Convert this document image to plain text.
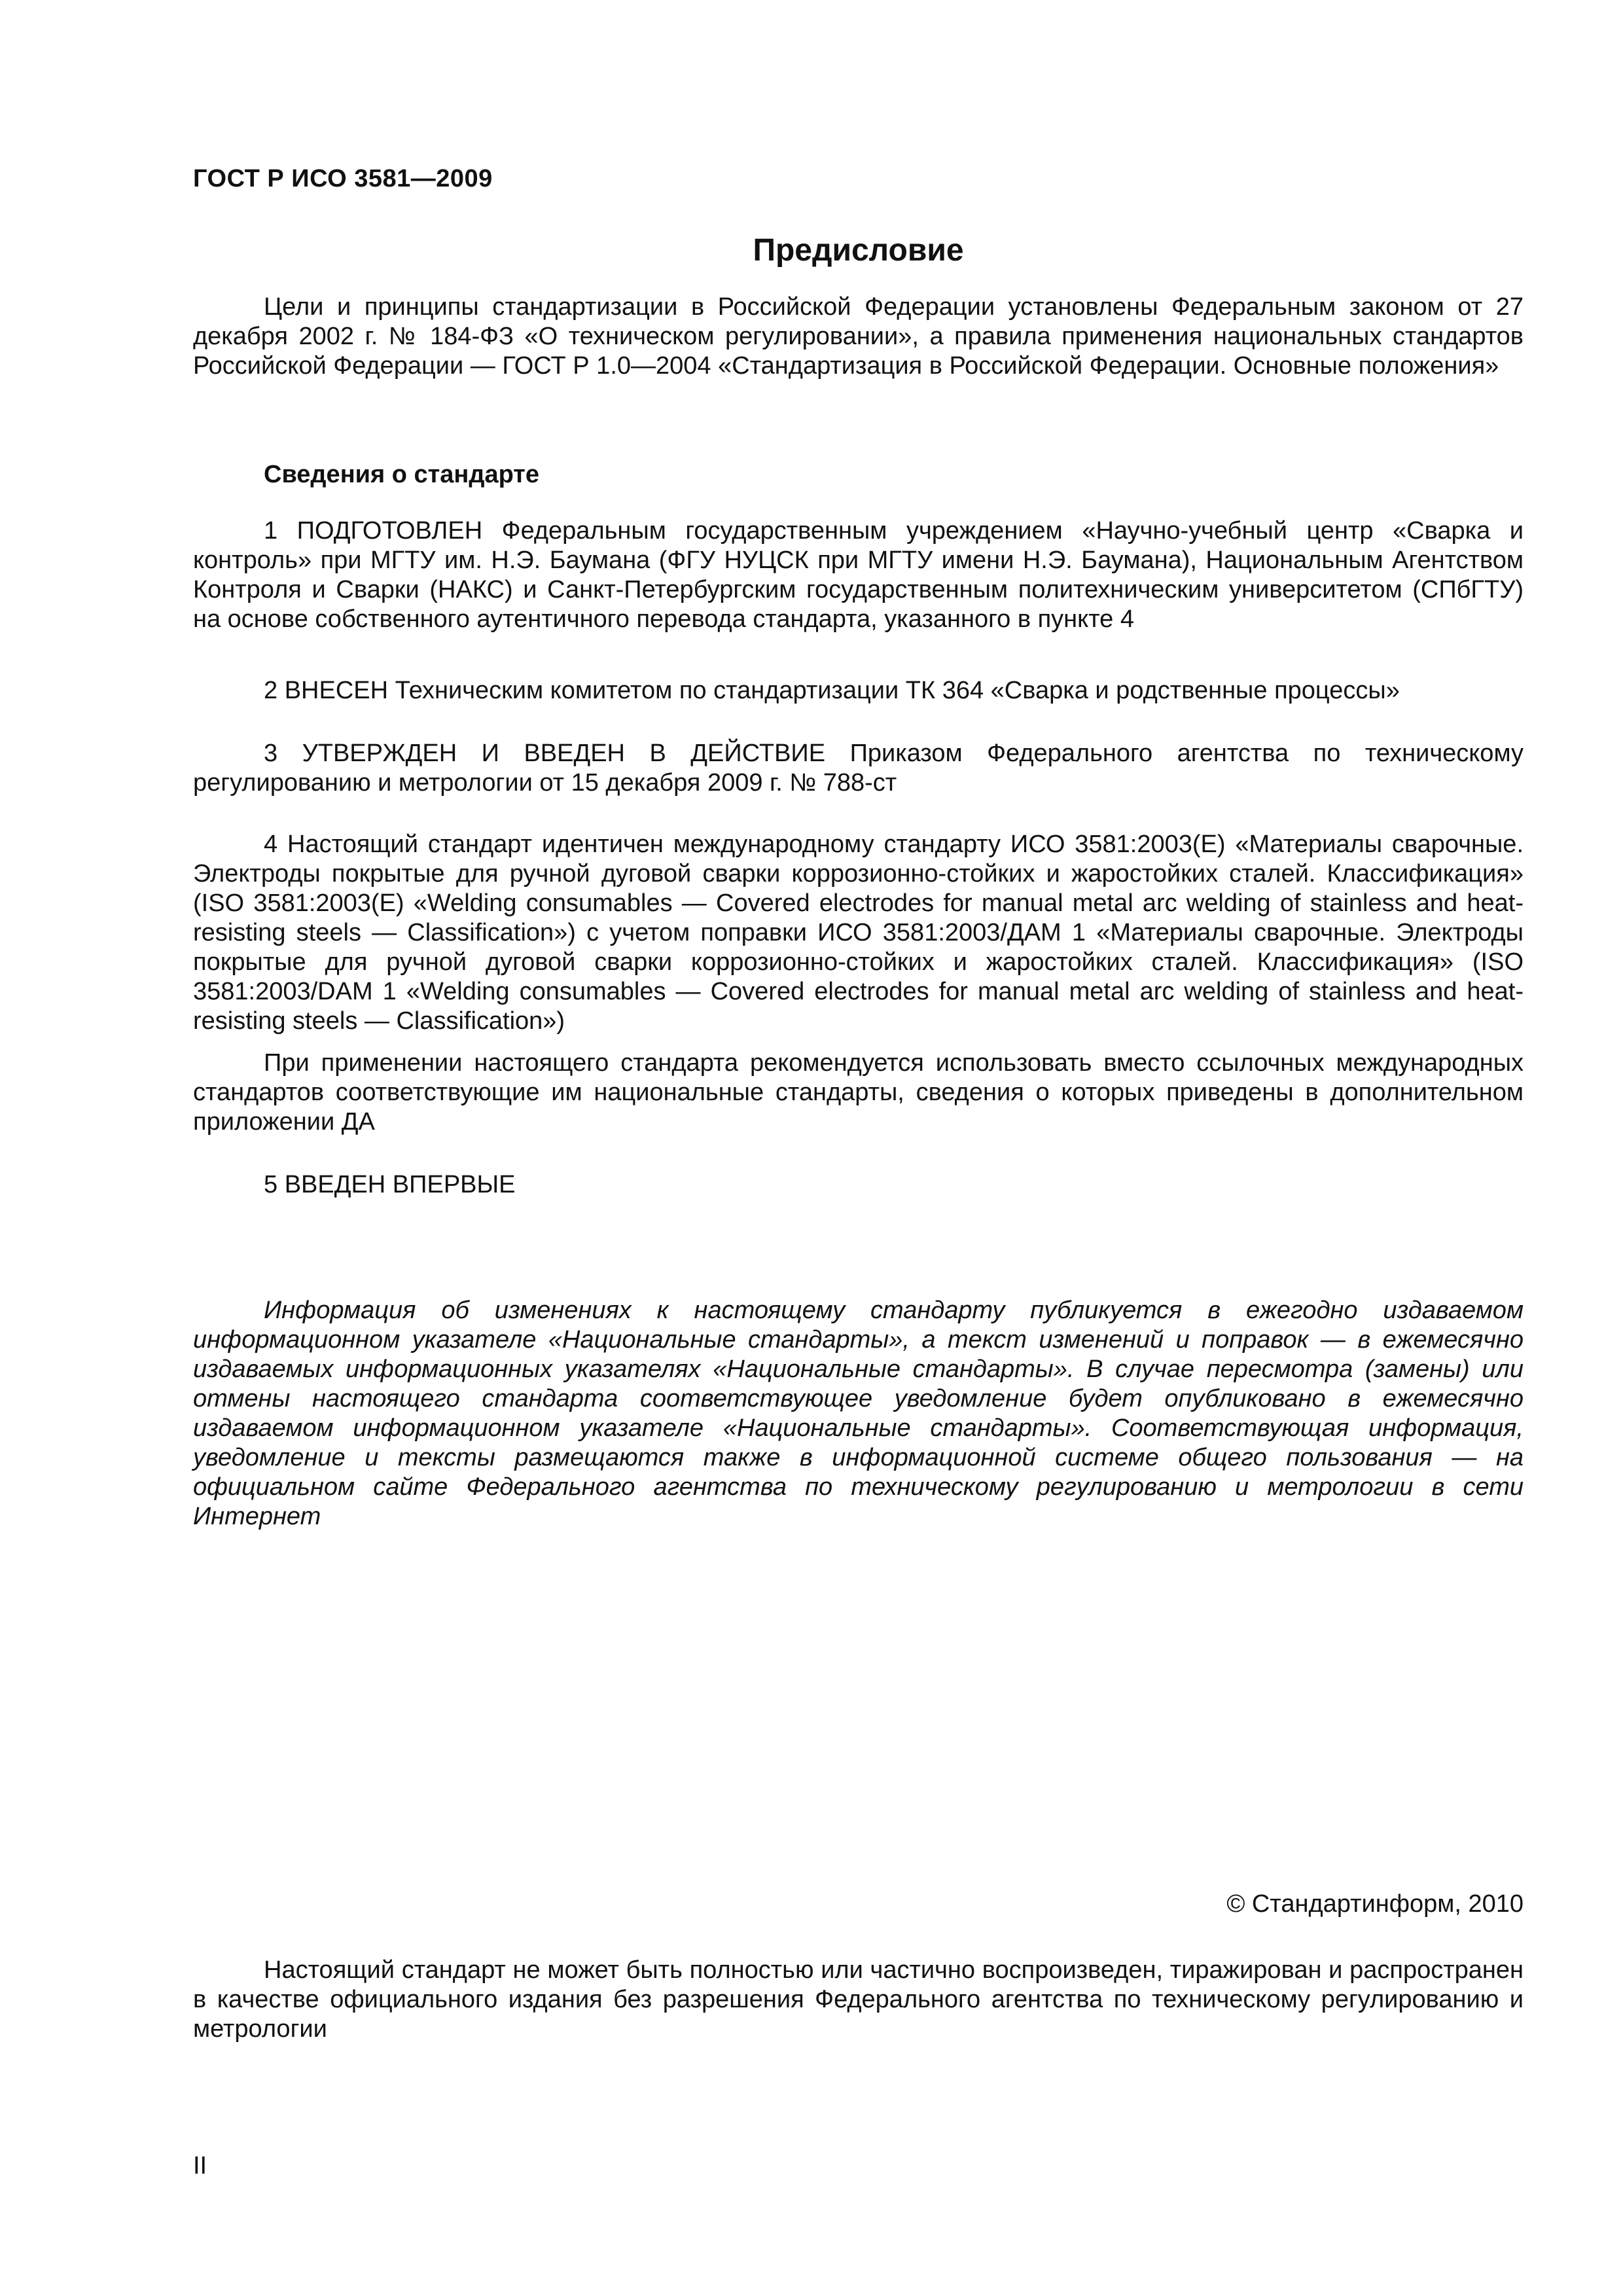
ГОСТ Р ИСО 3581—2009
Предисловие

Цели и принципы стандартизации в Российской Федерации установлены Федеральным законом от 27 декабря 2002 г. № 184-ФЗ «О техническом регулировании», а правила применения национальных стандартов Российской Федерации — ГОСТ Р 1.0—2004 «Стандартизация в Российской Федерации. Основные положения»

Сведения о стандарте

1 ПОДГОТОВЛЕН Федеральным государственным учреждением «Научно-учебный центр «Сварка и контроль» при МГТУ им. Н.Э. Баумана (ФГУ НУЦСК при МГТУ имени Н.Э. Баумана), Национальным Агентством Контроля и Сварки (НАКС) и Санкт-Петербургским государственным политехническим университетом (СПбГТУ) на основе собственного аутентичного перевода стандарта, указанного в пункте 4

2 ВНЕСЕН Техническим комитетом по стандартизации ТК 364 «Сварка и родственные процессы»

3 УТВЕРЖДЕН И ВВЕДЕН В ДЕЙСТВИЕ Приказом Федерального агентства по техническому регулированию и метрологии от 15 декабря 2009 г. № 788-ст

4 Настоящий стандарт идентичен международному стандарту ИСО 3581:2003(E) «Материалы сварочные. Электроды покрытые для ручной дуговой сварки коррозионно-стойких и жаростойких сталей. Классификация» (ISO 3581:2003(E) «Welding consumables — Covered electrodes for manual metal arc welding of stainless and heat-resisting steels — Classification») с учетом поправки ИСО 3581:2003/ДАМ 1 «Материалы сварочные. Электроды покрытые для ручной дуговой сварки коррозионно-стойких и жаростойких сталей. Классификация» (ISO 3581:2003/DAM 1 «Welding consumables — Covered electrodes for manual metal arc welding of stainless and heat-resisting steels — Classification»)

При применении настоящего стандарта рекомендуется использовать вместо ссылочных международных стандартов соответствующие им национальные стандарты, сведения о которых приведены в дополнительном приложении ДА

5 ВВЕДЕН ВПЕРВЫЕ

Информация об изменениях к настоящему стандарту публикуется в ежегодно издаваемом информационном указателе «Национальные стандарты», а текст изменений и поправок — в ежемесячно издаваемых информационных указателях «Национальные стандарты». В случае пересмотра (замены) или отмены настоящего стандарта соответствующее уведомление будет опубликовано в ежемесячно издаваемом информационном указателе «Национальные стандарты». Соответствующая информация, уведомление и тексты размещаются также в информационной системе общего пользования — на официальном сайте Федерального агентства по техническому регулированию и метрологии в сети Интернет

© Стандартинформ, 2010

Настоящий стандарт не может быть полностью или частично воспроизведен, тиражирован и распространен в качестве официального издания без разрешения Федерального агентства по техническому регулированию и метрологии

II
